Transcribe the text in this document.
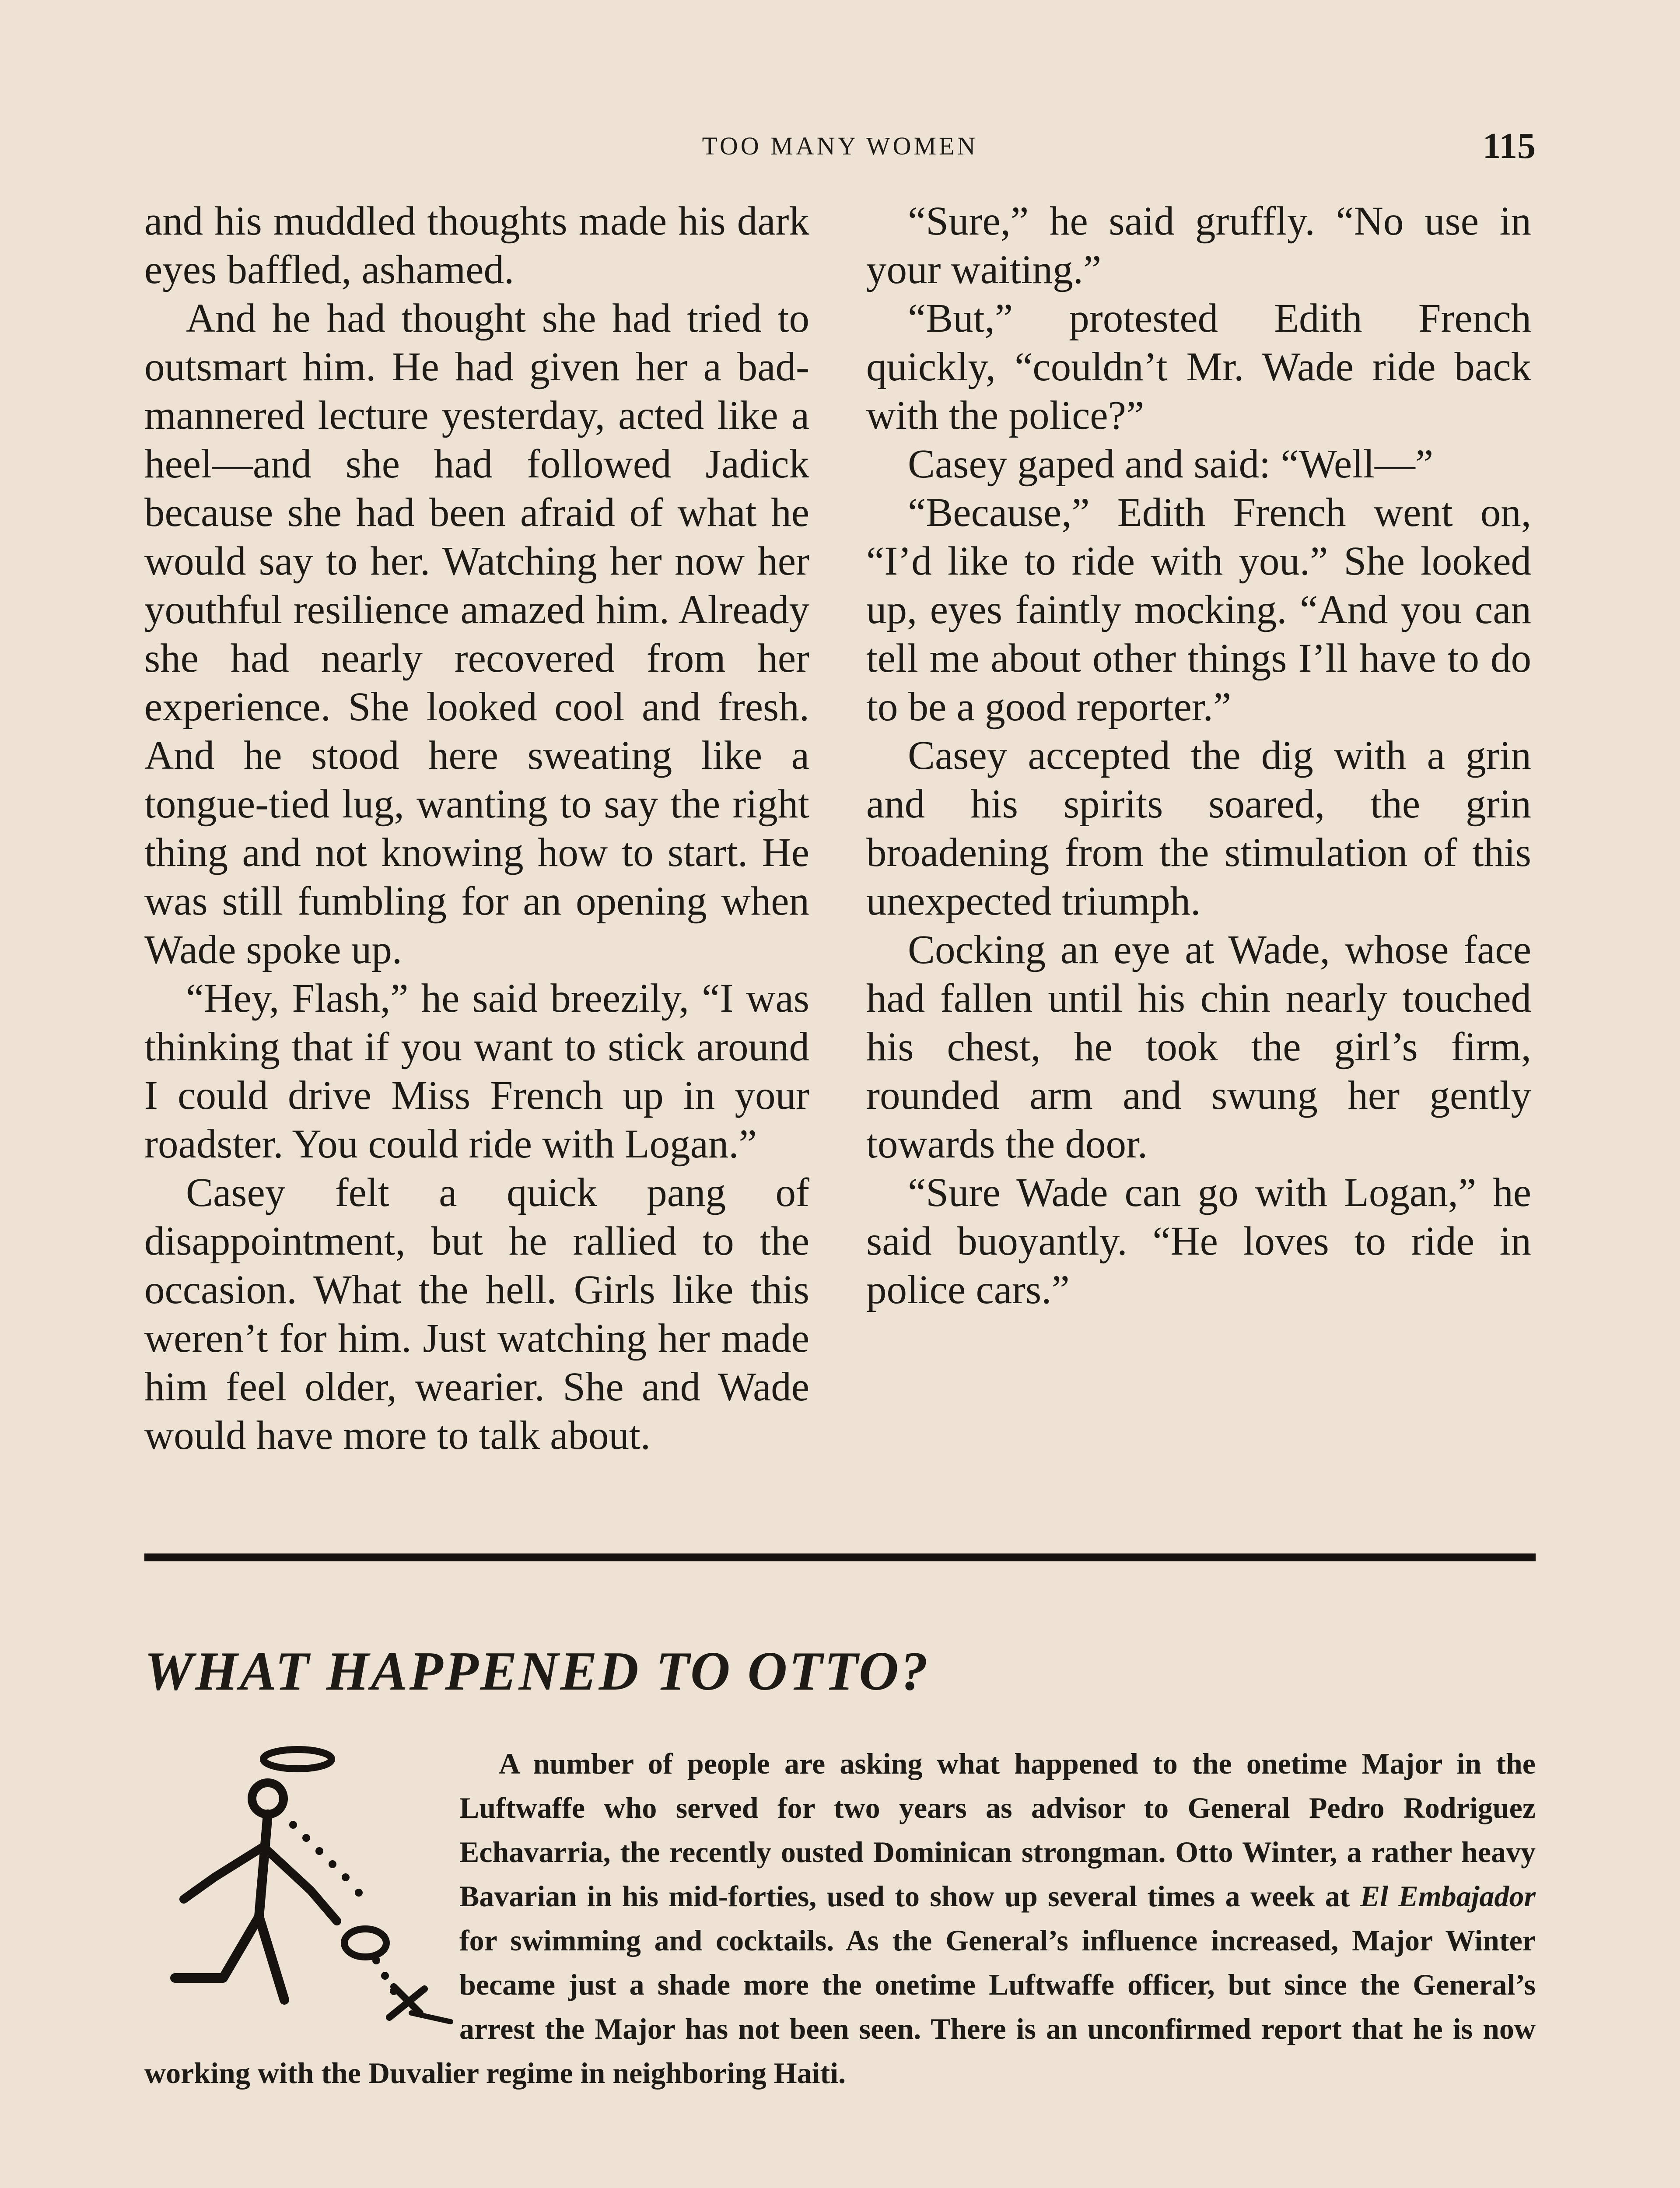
TOO MANY WOMEN	115

and his muddled thoughts made his dark eyes baffled, ashamed.

And he had thought she had tried to outsmart him. He had given her a bad-mannered lecture yesterday, acted like a heel—and she had followed Jadick because she had been afraid of what he would say to her. Watching her now her youthful resilience amazed him. Already she had nearly recovered from her experience. She looked cool and fresh. And he stood here sweating like a tongue-tied lug, wanting to say the right thing and not knowing how to start. He was still fumbling for an opening when Wade spoke up.

“Hey, Flash,” he said breezily, “I was thinking that if you want to stick around I could drive Miss French up in your roadster. You could ride with Logan.”

Casey felt a quick pang of disappointment, but he rallied to the occasion. What the hell. Girls like this weren’t for him. Just watching her made him feel older, wearier. She and Wade would have more to talk about.

“Sure,” he said gruffly. “No use in your waiting.”

“But,” protested Edith French quickly, “couldn’t Mr. Wade ride back with the police?”

Casey gaped and said: “Well—”

“Because,” Edith French went on, “I’d like to ride with you.” She looked up, eyes faintly mocking. “And you can tell me about other things I’ll have to do to be a good reporter.”

Casey accepted the dig with a grin and his spirits soared, the grin broadening from the stimulation of this unexpected triumph.

Cocking an eye at Wade, whose face had fallen until his chin nearly touched his chest, he took the girl’s firm, rounded arm and swung her gently towards the door.

“Sure Wade can go with Logan,” he said buoyantly. “He loves to ride in police cars.”

WHAT HAPPENED TO OTTO?

A number of people are asking what happened to the onetime Major in the Luftwaffe who served for two years as advisor to General Pedro Rodriguez Echavarria, the recently ousted Dominican strongman. Otto Winter, a rather heavy Bavarian in his mid-forties, used to show up several times a week at El Embajador for swimming and cocktails. As the General’s influence increased, Major Winter became just a shade more the onetime Luftwaffe officer, but since the General’s arrest the Major has not been seen. There is an unconfirmed report that he is now working with the Duvalier regime in neighboring Haiti.
